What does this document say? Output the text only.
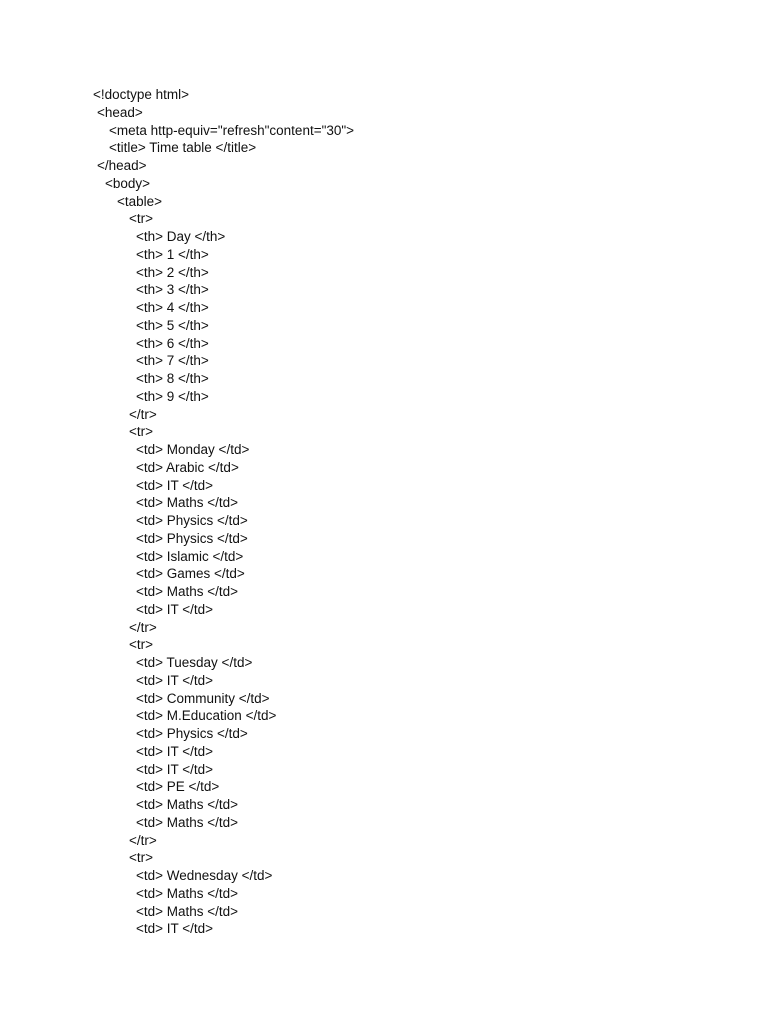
<!doctype html>
<head>
<meta http-equiv="refresh"content="30">
<title> Time table </title>
</head>
<body>
<table>
<tr>
<th> Day </th>
<th> 1 </th>
<th> 2 </th>
<th> 3 </th>
<th> 4 </th>
<th> 5 </th>
<th> 6 </th>
<th> 7 </th>
<th> 8 </th>
<th> 9 </th>
</tr>
<tr>
<td> Monday </td>
<td> Arabic </td>
<td> IT </td>
<td> Maths </td>
<td> Physics </td>
<td> Physics </td>
<td> Islamic </td>
<td> Games </td>
<td> Maths </td>
<td> IT </td>
</tr>
<tr>
<td> Tuesday </td>
<td> IT </td>
<td> Community </td>
<td> M.Education </td>
<td> Physics </td>
<td> IT </td>
<td> IT </td>
<td> PE </td>
<td> Maths </td>
<td> Maths </td>
</tr>
<tr>
<td> Wednesday </td>
<td> Maths </td>
<td> Maths </td>
<td> IT </td>
